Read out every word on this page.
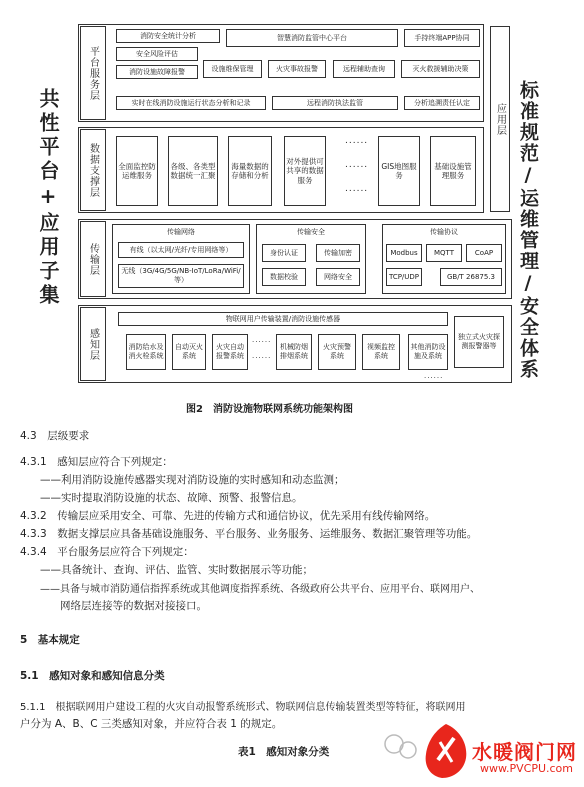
共性平台+应用子集	标准规范/运维管理/安全体系
应用层
平台服务层
消防安全统计分析	智慧消防监管中心平台	手持终端APP协同
安全风险评估
消防设施故障报警	设施维保管理	火灾事故报警	远程辅助查询	灭火救援辅助决策
实时在线消防设施运行状态分析和记录	远程消防执法监管	分析追溯责任认定
数据支撑层	全面监控防运维服务
各级、各类型数据统一汇聚
海量数据的存储和分析
对外提供可共享的数据服务
......
......
......
GIS地图服务
基础设施管理服务
传输层
传输网络
有线（以太网/光纤/专用网络等）
无线（3G/4G/5G/NB-IoT/LoRa/WiFi/等）
传输安全
身份认证	传输加密
数据校验	网络安全
传输协议
Modbus	MQTT	CoAP
TCP/UDP	GB/T 26875.3
感知层
物联网用户传输装置/消防设施传感器
消防给水及消火栓系统
自动灭火系统
火灾自动报警系统
......
......
机械防烟排烟系统
火灾预警系统
视频监控系统
其他消防设施及系统
......
独立式火灾探测报警器等
图2　消防设施物联网系统功能架构图
4.3　层级要求
4.3.1　感知层应符合下列规定：
——利用消防设施传感器实现对消防设施的实时感知和动态监测；
——实时提取消防设施的状态、故障、预警、报警信息。
4.3.2　传输层应采用安全、可靠、先进的传输方式和通信协议，优先采用有线传输网络。
4.3.3　数据支撑层应具备基础设施服务、平台服务、业务服务、运维服务、数据汇聚管理等功能。
4.3.4　平台服务层应符合下列规定：
——具备统计、查询、评估、监管、实时数据展示等功能；
——具备与城市消防通信指挥系统或其他调度指挥系统、各级政府公共平台、应用平台、联网用户、
网络层连接等的数据对接接口。
5　基本规定
5.1　感知对象和感知信息分类
5.1.1　根据联网用户建设工程的火灾自动报警系统形式、物联网信息传输装置类型等特征，将联网用
户分为 A、B、C 三类感知对象，并应符合表 1 的规定。
表1　感知对象分类	水暖阀门网
www.PVCPU.com
